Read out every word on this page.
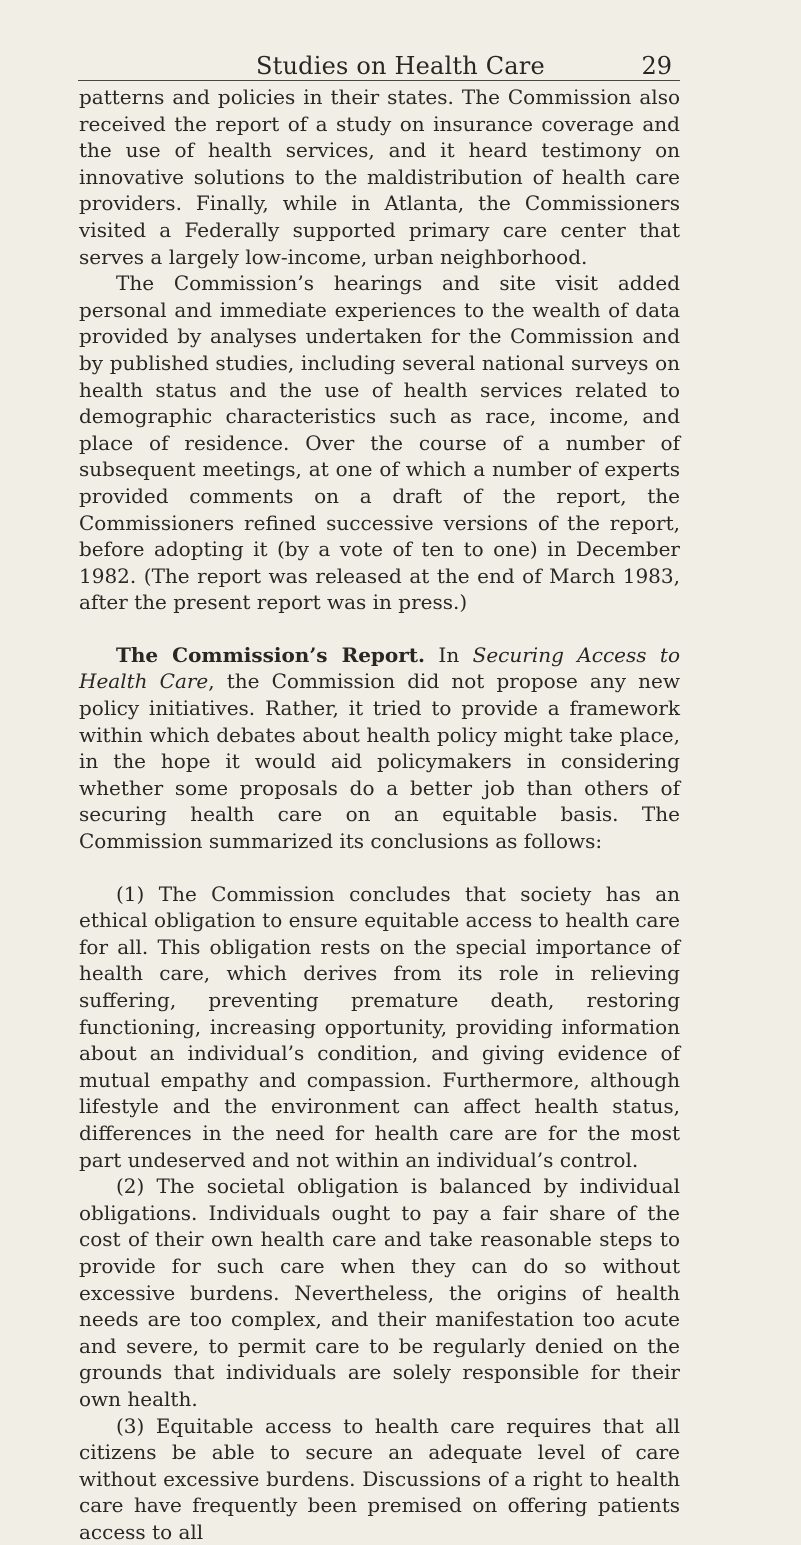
Studies on Health Care	29

patterns and policies in their states. The Commission also received the report of a study on insurance coverage and the use of health services, and it heard testimony on innovative solutions to the maldistribution of health care providers. Finally, while in Atlanta, the Commissioners visited a Federally supported primary care center that serves a largely low-income, urban neighborhood.

The Commission’s hearings and site visit added personal and immediate experiences to the wealth of data provided by analyses undertaken for the Commission and by published studies, including several national surveys on health status and the use of health services related to demographic characteristics such as race, income, and place of residence. Over the course of a number of subsequent meetings, at one of which a number of experts provided comments on a draft of the report, the Commissioners refined successive versions of the report, before adopting it (by a vote of ten to one) in December 1982. (The report was released at the end of March 1983, after the present report was in press.)

The Commission’s Report. In Securing Access to Health Care, the Commission did not propose any new policy initiatives. Rather, it tried to provide a framework within which debates about health policy might take place, in the hope it would aid policymakers in considering whether some proposals do a better job than others of securing health care on an equitable basis. The Commission summarized its conclusions as follows:

(1) The Commission concludes that society has an ethical obligation to ensure equitable access to health care for all. This obligation rests on the special importance of health care, which derives from its role in relieving suffering, preventing premature death, restoring functioning, increasing opportunity, providing information about an individual’s condition, and giving evidence of mutual empathy and compassion. Furthermore, although lifestyle and the environment can affect health status, differences in the need for health care are for the most part undeserved and not within an individual’s control.

(2) The societal obligation is balanced by individual obligations. Individuals ought to pay a fair share of the cost of their own health care and take reasonable steps to provide for such care when they can do so without excessive burdens. Nevertheless, the origins of health needs are too complex, and their manifestation too acute and severe, to permit care to be regularly denied on the grounds that individuals are solely responsible for their own health.

(3) Equitable access to health care requires that all citizens be able to secure an adequate level of care without excessive burdens. Discussions of a right to health care have frequently been premised on offering patients access to all
